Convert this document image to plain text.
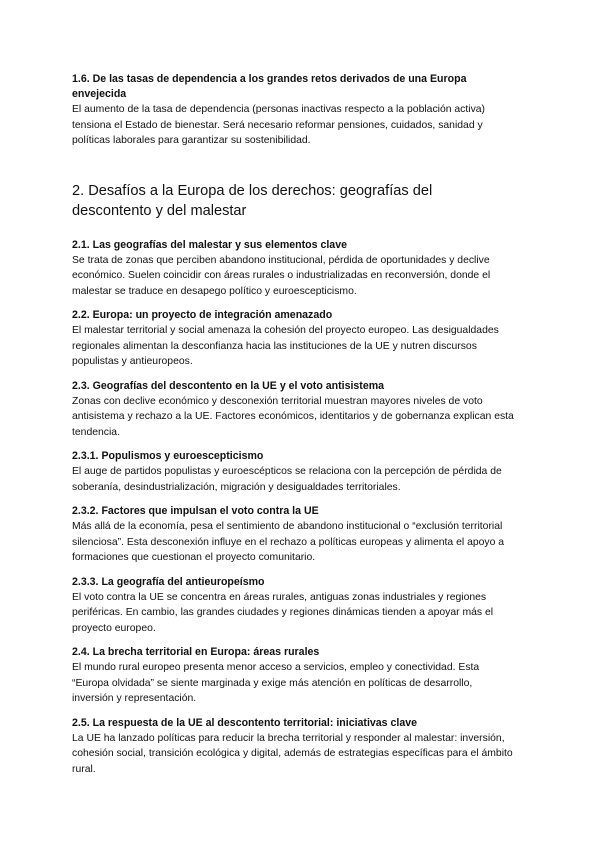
1.6. De las tasas de dependencia a los grandes retos derivados de una Europa envejecida

El aumento de la tasa de dependencia (personas inactivas respecto a la población activa) tensiona el Estado de bienestar. Será necesario reformar pensiones, cuidados, sanidad y políticas laborales para garantizar su sostenibilidad.

2. Desafíos a la Europa de los derechos: geografías del descontento y del malestar

2.1. Las geografías del malestar y sus elementos clave

Se trata de zonas que perciben abandono institucional, pérdida de oportunidades y declive económico. Suelen coincidir con áreas rurales o industrializadas en reconversión, donde el malestar se traduce en desapego político y euroescepticismo.

2.2. Europa: un proyecto de integración amenazado

El malestar territorial y social amenaza la cohesión del proyecto europeo. Las desigualdades regionales alimentan la desconfianza hacia las instituciones de la UE y nutren discursos populistas y antieuropeos.

2.3. Geografías del descontento en la UE y el voto antisistema

Zonas con declive económico y desconexión territorial muestran mayores niveles de voto antisistema y rechazo a la UE. Factores económicos, identitarios y de gobernanza explican esta tendencia.

2.3.1. Populismos y euroescepticismo

El auge de partidos populistas y euroescépticos se relaciona con la percepción de pérdida de soberanía, desindustrialización, migración y desigualdades territoriales.

2.3.2. Factores que impulsan el voto contra la UE

Más allá de la economía, pesa el sentimiento de abandono institucional o “exclusión territorial silenciosa”. Esta desconexión influye en el rechazo a políticas europeas y alimenta el apoyo a formaciones que cuestionan el proyecto comunitario.

2.3.3. La geografía del antieuropeísmo

El voto contra la UE se concentra en áreas rurales, antiguas zonas industriales y regiones periféricas. En cambio, las grandes ciudades y regiones dinámicas tienden a apoyar más el proyecto europeo.

2.4. La brecha territorial en Europa: áreas rurales

El mundo rural europeo presenta menor acceso a servicios, empleo y conectividad. Esta “Europa olvidada” se siente marginada y exige más atención en políticas de desarrollo, inversión y representación.

2.5. La respuesta de la UE al descontento territorial: iniciativas clave

La UE ha lanzado políticas para reducir la brecha territorial y responder al malestar: inversión, cohesión social, transición ecológica y digital, además de estrategias específicas para el ámbito rural.
